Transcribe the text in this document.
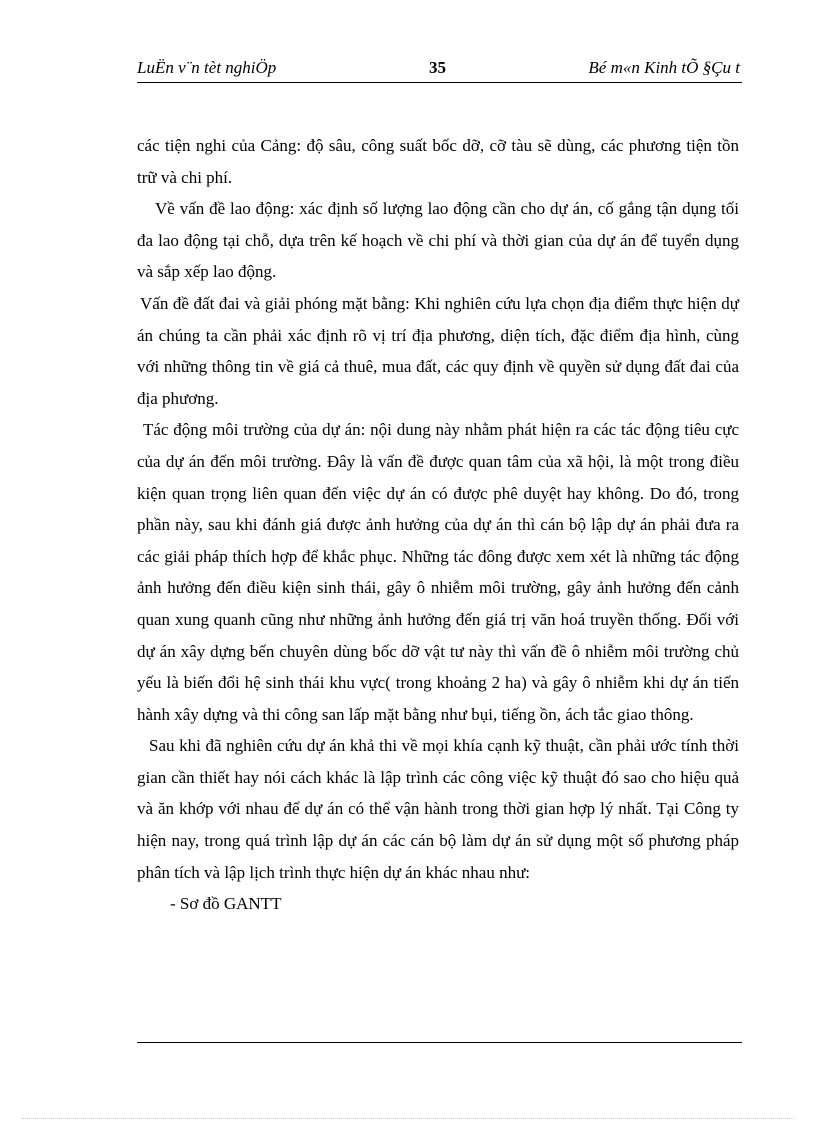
LuËn v¨n tèt nghiÖp	35	Bé m«n Kinh tÕ §Çu t

các tiện nghi của Cảng: độ sâu, công suất bốc dỡ, cỡ tàu sẽ dùng, các phương tiện tồn trữ và chi phí.

Về vấn đề lao động: xác định số lượng lao động cần cho dự án, cố gắng tận dụng tối đa lao động tại chỗ, dựa trên kế hoạch về chi phí và thời gian của dự án để tuyển dụng và sắp xếp lao động.

Vấn đề đất đai và giải phóng mặt bằng: Khi nghiên cứu lựa chọn địa điểm thực hiện dự án chúng ta cần phải xác định rõ vị trí địa phương, diện tích, đặc điểm địa hình, cùng với những thông tin về giá cả thuê, mua đất, các quy định về quyền sử dụng đất đai của địa phương.

Tác động môi trường của dự án: nội dung này nhằm phát hiện ra các tác động tiêu cực của dự án đến môi trường. Đây là vấn đề được quan tâm của xã hội, là một trong điều kiện quan trọng liên quan đến việc dự án có được phê duyệt hay không. Do đó, trong phần này, sau khi đánh giá được ảnh hưởng của dự án thì cán bộ lập dự án phải đưa ra các giải pháp thích hợp để khắc phục. Những tác đông được xem xét là những tác động ảnh hưởng đến điều kiện sinh thái, gây ô nhiễm môi trường, gây ảnh hưởng đến cảnh quan xung quanh cũng như những ảnh hưởng đến giá trị văn hoá truyền thống. Đối với dự án xây dựng bến chuyên dùng bốc dỡ vật tư này thì vấn đề ô nhiễm môi trường chủ yếu là biến đổi hệ sinh thái khu vực( trong khoảng 2 ha) và gây ô nhiễm khi dự án tiến hành xây dựng và thi công san lấp mặt bằng như bụi, tiếng ồn, ách tắc giao thông.

Sau khi đã nghiên cứu dự án khả thi về mọi khía cạnh kỹ thuật, cần phải ước tính thời gian cần thiết hay nói cách khác là lập trình các công việc kỹ thuật đó sao cho hiệu quả và ăn khớp với nhau để dự án có thể vận hành trong thời gian hợp lý nhất. Tại Công ty hiện nay, trong quá trình lập dự án các cán bộ làm dự án sử dụng một số phương pháp phân tích và lập lịch trình thực hiện dự án khác nhau như:

- Sơ đồ GANTT
